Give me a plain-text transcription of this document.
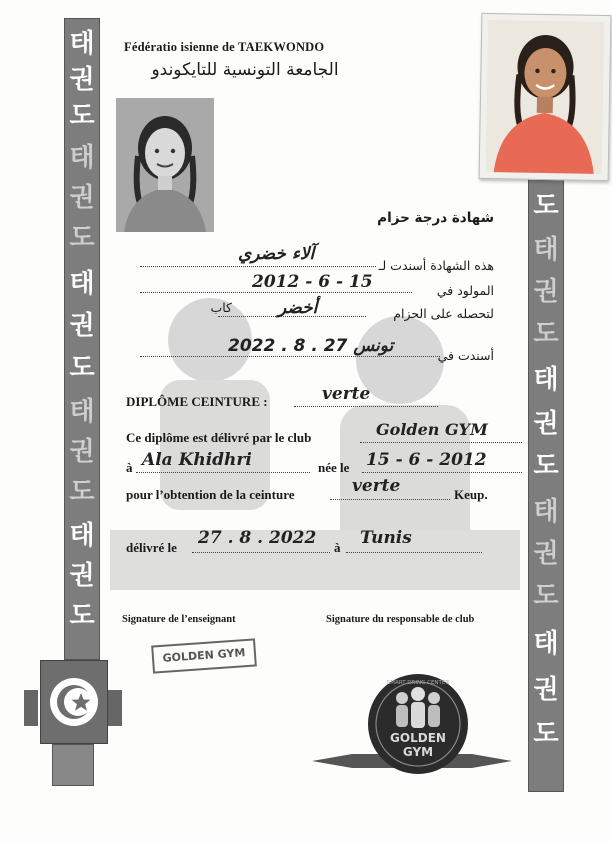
태
권
도
태
권
도
태
권
도
태
권
도
태
권
도
도
태
권
도
태
권
도
태
권
도
태
권
도
Fédératio isienne de TAEKWONDO
الجامعة التونسية للتايكوندو
شهادة درجة حزام
هذه الشهادة أسندت لـ
آلاء خضري
المولود في
2012 - 6 - 15
لتحصله على الحزام
كاب	أخضر
أسندت في
2022 . 8 . 27 تونس
DIPLÔME CEINTURE :	verte
Ce diplôme est délivré par le club	Golden GYM
à Ala Khidhri	née le 15 - 6 - 2012
pour l’obtention de la ceinture	verte	Keup.
délivré le 27 . 8 . 2022 à Tunis
Signature de l’enseignant	Signature du responsable de club
GOLDEN GYM
GOLDEN
GYM
SMART DRING CENTER
